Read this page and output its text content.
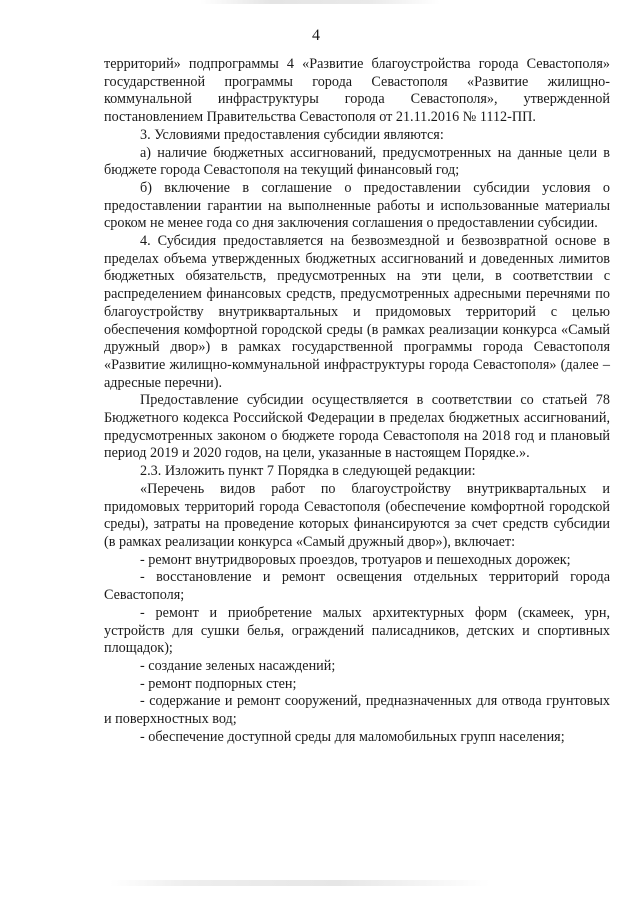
4

территорий» подпрограммы 4 «Развитие благоустройства города Севастополя» государственной программы города Севастополя «Развитие жилищно-коммунальной инфраструктуры города Севастополя», утвержденной постановлением Правительства Севастополя от 21.11.2016 № 1112-ПП.

3. Условиями предоставления субсидии являются:

а) наличие бюджетных ассигнований, предусмотренных на данные цели в бюджете города Севастополя на текущий финансовый год;

б) включение в соглашение о предоставлении субсидии условия о предоставлении гарантии на выполненные работы и использованные материалы сроком не менее года со дня заключения соглашения о предоставлении субсидии.

4. Субсидия предоставляется на безвозмездной и безвозвратной основе в пределах объема утвержденных бюджетных ассигнований и доведенных лимитов бюджетных обязательств, предусмотренных на эти цели, в соответствии с распределением финансовых средств, предусмотренных адресными перечнями по благоустройству внутриквартальных и придомовых территорий с целью обеспечения комфортной городской среды (в рамках реализации конкурса «Самый дружный двор») в рамках государственной программы города Севастополя «Развитие жилищно-коммунальной инфраструктуры города Севастополя» (далее – адресные перечни).

Предоставление субсидии осуществляется в соответствии со статьей 78 Бюджетного кодекса Российской Федерации в пределах бюджетных ассигнований, предусмотренных законом о бюджете города Севастополя на 2018 год и плановый период 2019 и 2020 годов, на цели, указанные в настоящем Порядке.».

2.3. Изложить пункт 7 Порядка в следующей редакции:

«Перечень видов работ по благоустройству внутриквартальных и придомовых территорий города Севастополя (обеспечение комфортной городской среды), затраты на проведение которых финансируются за счет средств субсидии (в рамках реализации конкурса «Самый дружный двор»), включает:

- ремонт внутридворовых проездов, тротуаров и пешеходных дорожек;

- восстановление и ремонт освещения отдельных территорий города Севастополя;

- ремонт и приобретение малых архитектурных форм (скамеек, урн, устройств для сушки белья, ограждений палисадников, детских и спортивных площадок);

- создание зеленых насаждений;

- ремонт подпорных стен;

- содержание и ремонт сооружений, предназначенных для отвода грунтовых и поверхностных вод;

- обеспечение доступной среды для маломобильных групп населения;
